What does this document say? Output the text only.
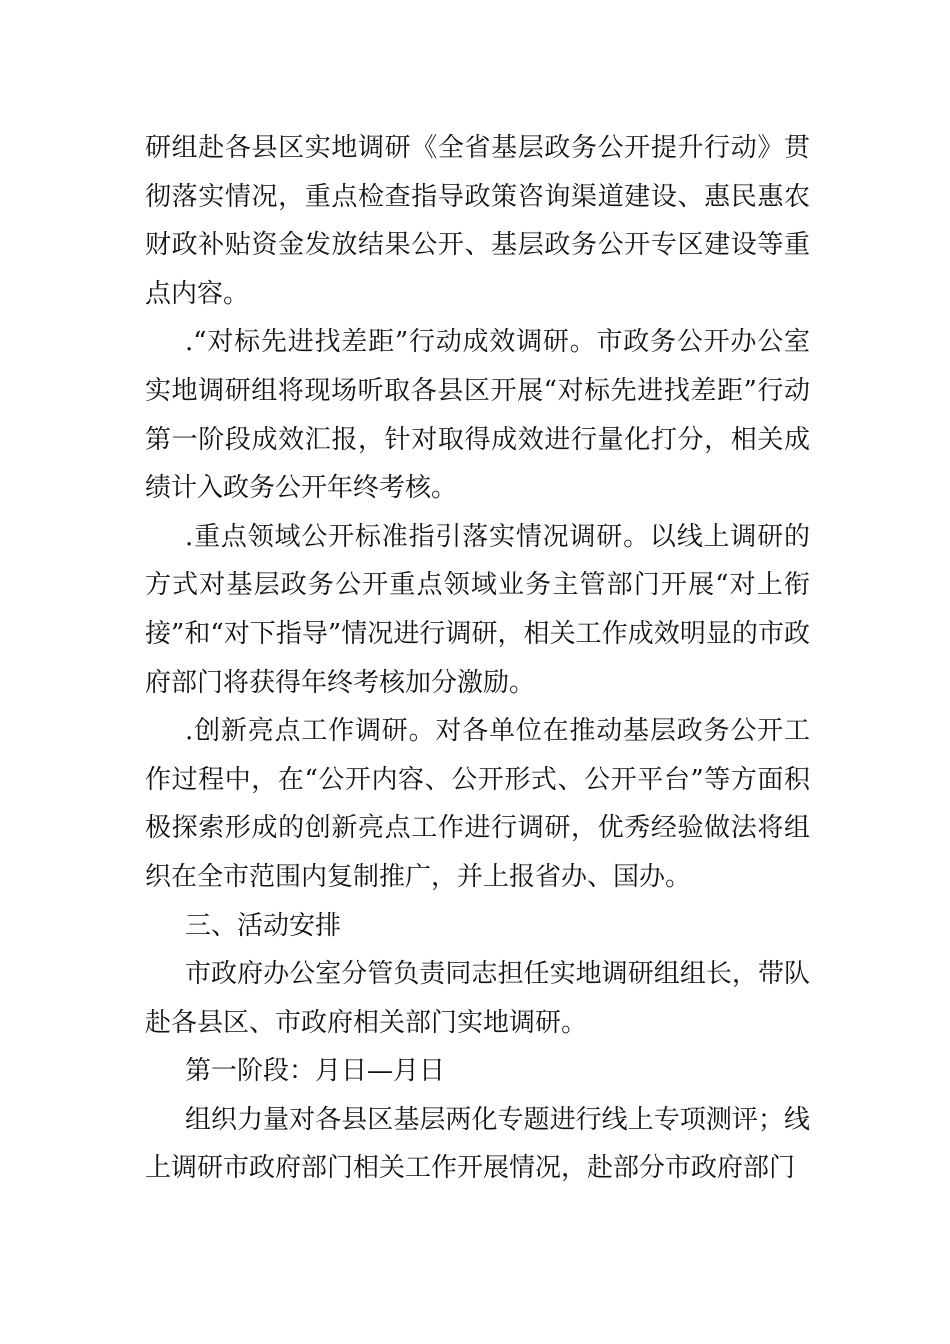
研组赴各县区实地调研《全省基层政务公开提升行动》贯彻落实情况，重点检查指导政策咨询渠道建设、惠民惠农财政补贴资金发放结果公开、基层政务公开专区建设等重点内容。

.“对标先进找差距”行动成效调研。市政务公开办公室实地调研组将现场听取各县区开展“对标先进找差距”行动第一阶段成效汇报，针对取得成效进行量化打分，相关成绩计入政务公开年终考核。

.重点领域公开标准指引落实情况调研。以线上调研的方式对基层政务公开重点领域业务主管部门开展“对上衔接”和“对下指导”情况进行调研，相关工作成效明显的市政府部门将获得年终考核加分激励。

.创新亮点工作调研。对各单位在推动基层政务公开工作过程中，在“公开内容、公开形式、公开平台”等方面积极探索形成的创新亮点工作进行调研，优秀经验做法将组织在全市范围内复制推广，并上报省办、国办。

三、活动安排

市政府办公室分管负责同志担任实地调研组组长，带队赴各县区、市政府相关部门实地调研。

第一阶段：月日—月日

组织力量对各县区基层两化专题进行线上专项测评；线上调研市政府部门相关工作开展情况，赴部分市政府部门
